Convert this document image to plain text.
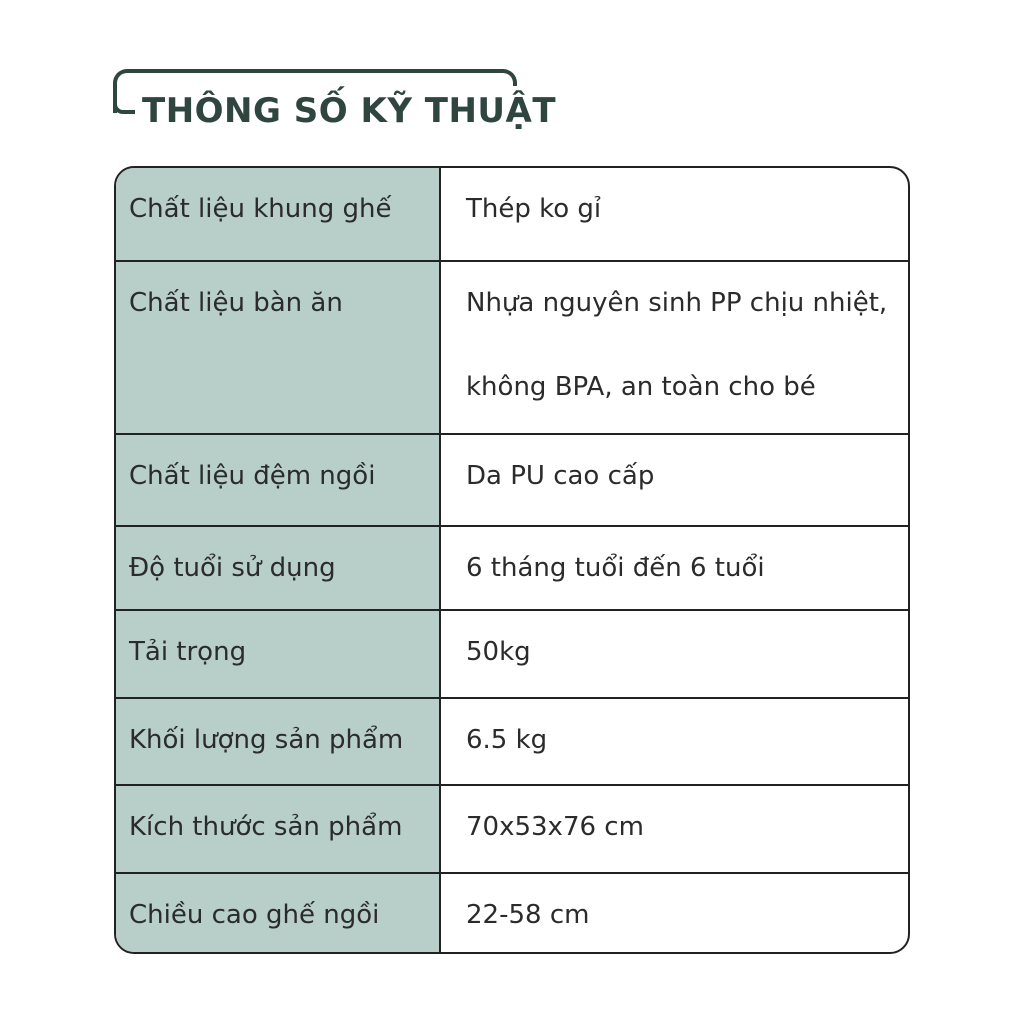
THÔNG SỐ KỸ THUẬT
Chất liệu khung ghế	Thép ko gỉ
Chất liệu bàn ăn	Nhựa nguyên sinh PP chịu nhiệt,
không BPA, an toàn cho bé
Chất liệu đệm ngồi	Da PU cao cấp
Độ tuổi sử dụng	6 tháng tuổi đến 6 tuổi
Tải trọng	50kg
Khối lượng sản phẩm	6.5 kg
Kích thước sản phẩm	70x53x76 cm
Chiều cao ghế ngồi	22-58 cm
